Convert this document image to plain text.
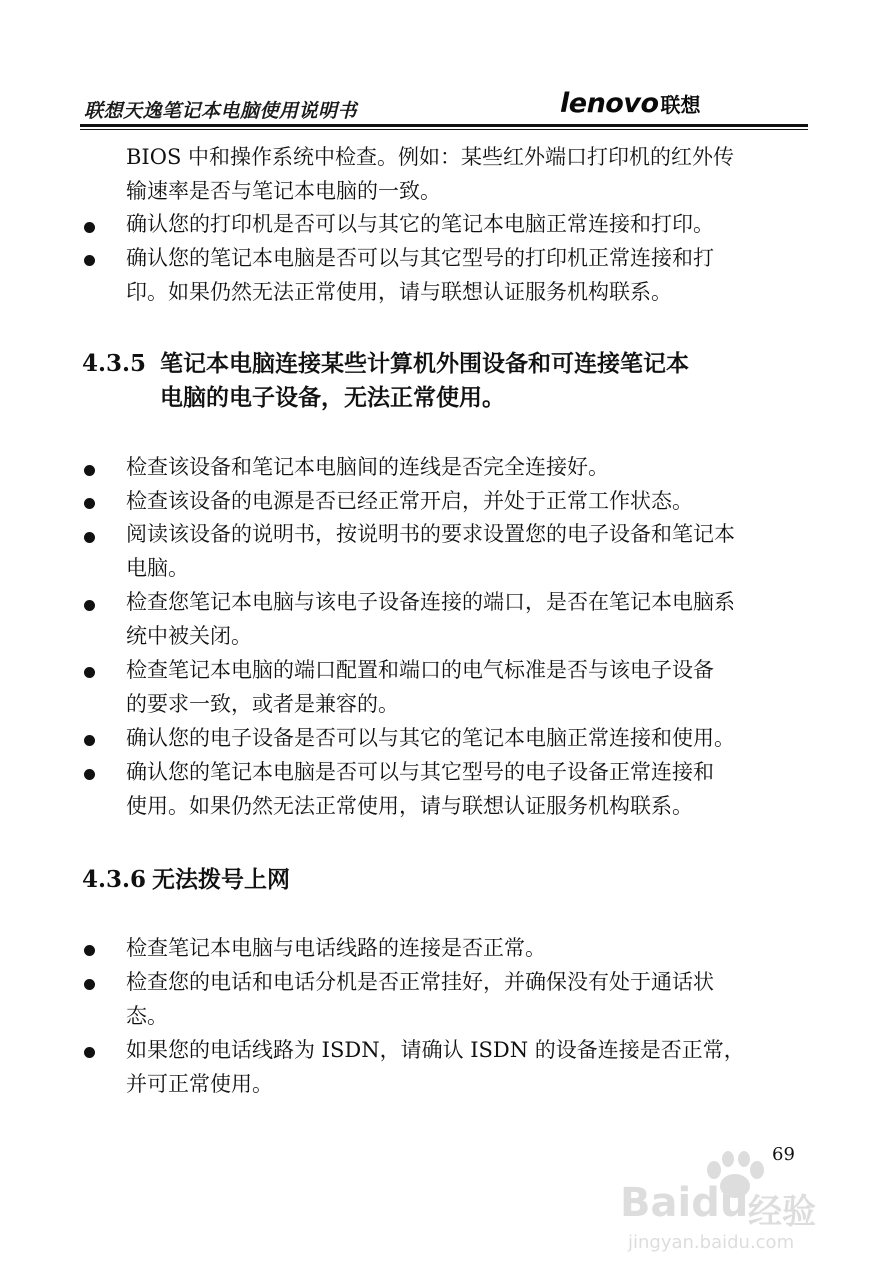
联想天逸笔记本电脑使用说明书	lenovo 联想
BIOS 中和操作系统中检查。例如：某些红外端口打印机的红外传
输速率是否与笔记本电脑的一致。
确认您的打印机是否可以与其它的笔记本电脑正常连接和打印。
确认您的笔记本电脑是否可以与其它型号的打印机正常连接和打
印。如果仍然无法正常使用，请与联想认证服务机构联系。
4.3.5 笔记本电脑连接某些计算机外围设备和可连接笔记本
电脑的电子设备，无法正常使用。
检查该设备和笔记本电脑间的连线是否完全连接好。
检查该设备的电源是否已经正常开启，并处于正常工作状态。
阅读该设备的说明书，按说明书的要求设置您的电子设备和笔记本
电脑。
检查您笔记本电脑与该电子设备连接的端口，是否在笔记本电脑系
统中被关闭。
检查笔记本电脑的端口配置和端口的电气标准是否与该电子设备
的要求一致，或者是兼容的。
确认您的电子设备是否可以与其它的笔记本电脑正常连接和使用。
确认您的笔记本电脑是否可以与其它型号的电子设备正常连接和
使用。如果仍然无法正常使用，请与联想认证服务机构联系。
4.3.6 无法拨号上网
检查笔记本电脑与电话线路的连接是否正常。
检查您的电话和电话分机是否正常挂好，并确保没有处于通话状
态。
如果您的电话线路为 ISDN，请确认 ISDN 的设备连接是否正常，
并可正常使用。
69
Baidu 经验
jingyan.baidu.com
